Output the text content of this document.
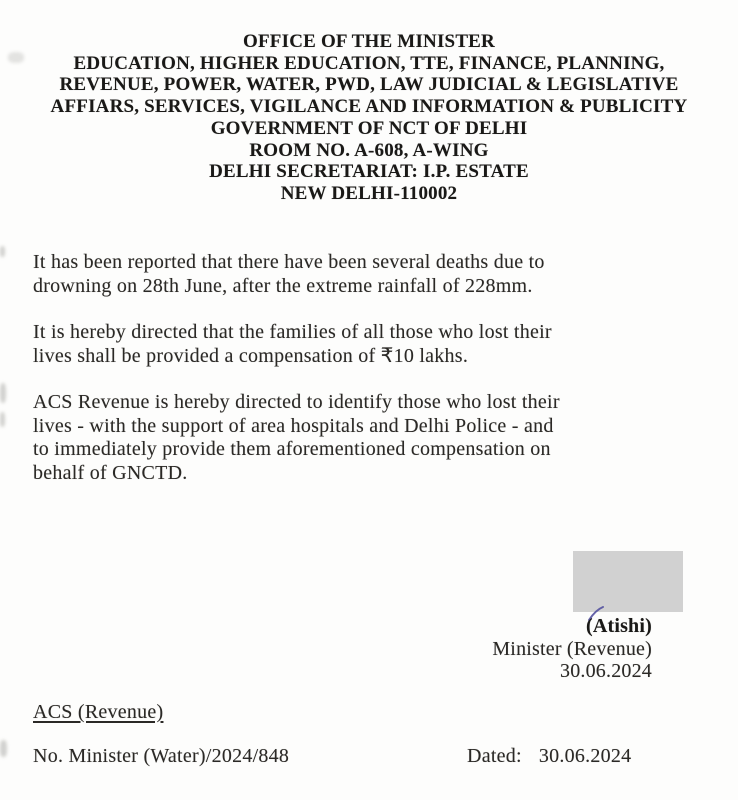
OFFICE OF THE MINISTER
EDUCATION, HIGHER EDUCATION, TTE, FINANCE, PLANNING,
REVENUE, POWER, WATER, PWD, LAW JUDICIAL & LEGISLATIVE
AFFIARS, SERVICES, VIGILANCE AND INFORMATION & PUBLICITY
GOVERNMENT OF NCT OF DELHI
ROOM NO. A-608, A-WING
DELHI SECRETARIAT: I.P. ESTATE
NEW DELHI-110002

It has been reported that there have been several deaths due to
drowning on 28th June, after the extreme rainfall of 228mm.

It is hereby directed that the families of all those who lost their
lives shall be provided a compensation of ₹10 lakhs.

ACS Revenue is hereby directed to identify those who lost their
lives - with the support of area hospitals and Delhi Police - and
to immediately provide them aforementioned compensation on
behalf of GNCTD.

(Atishi)
Minister (Revenue)
30.06.2024
ACS (Revenue)
No. Minister (Water)/2024/848	Dated: 30.06.2024
